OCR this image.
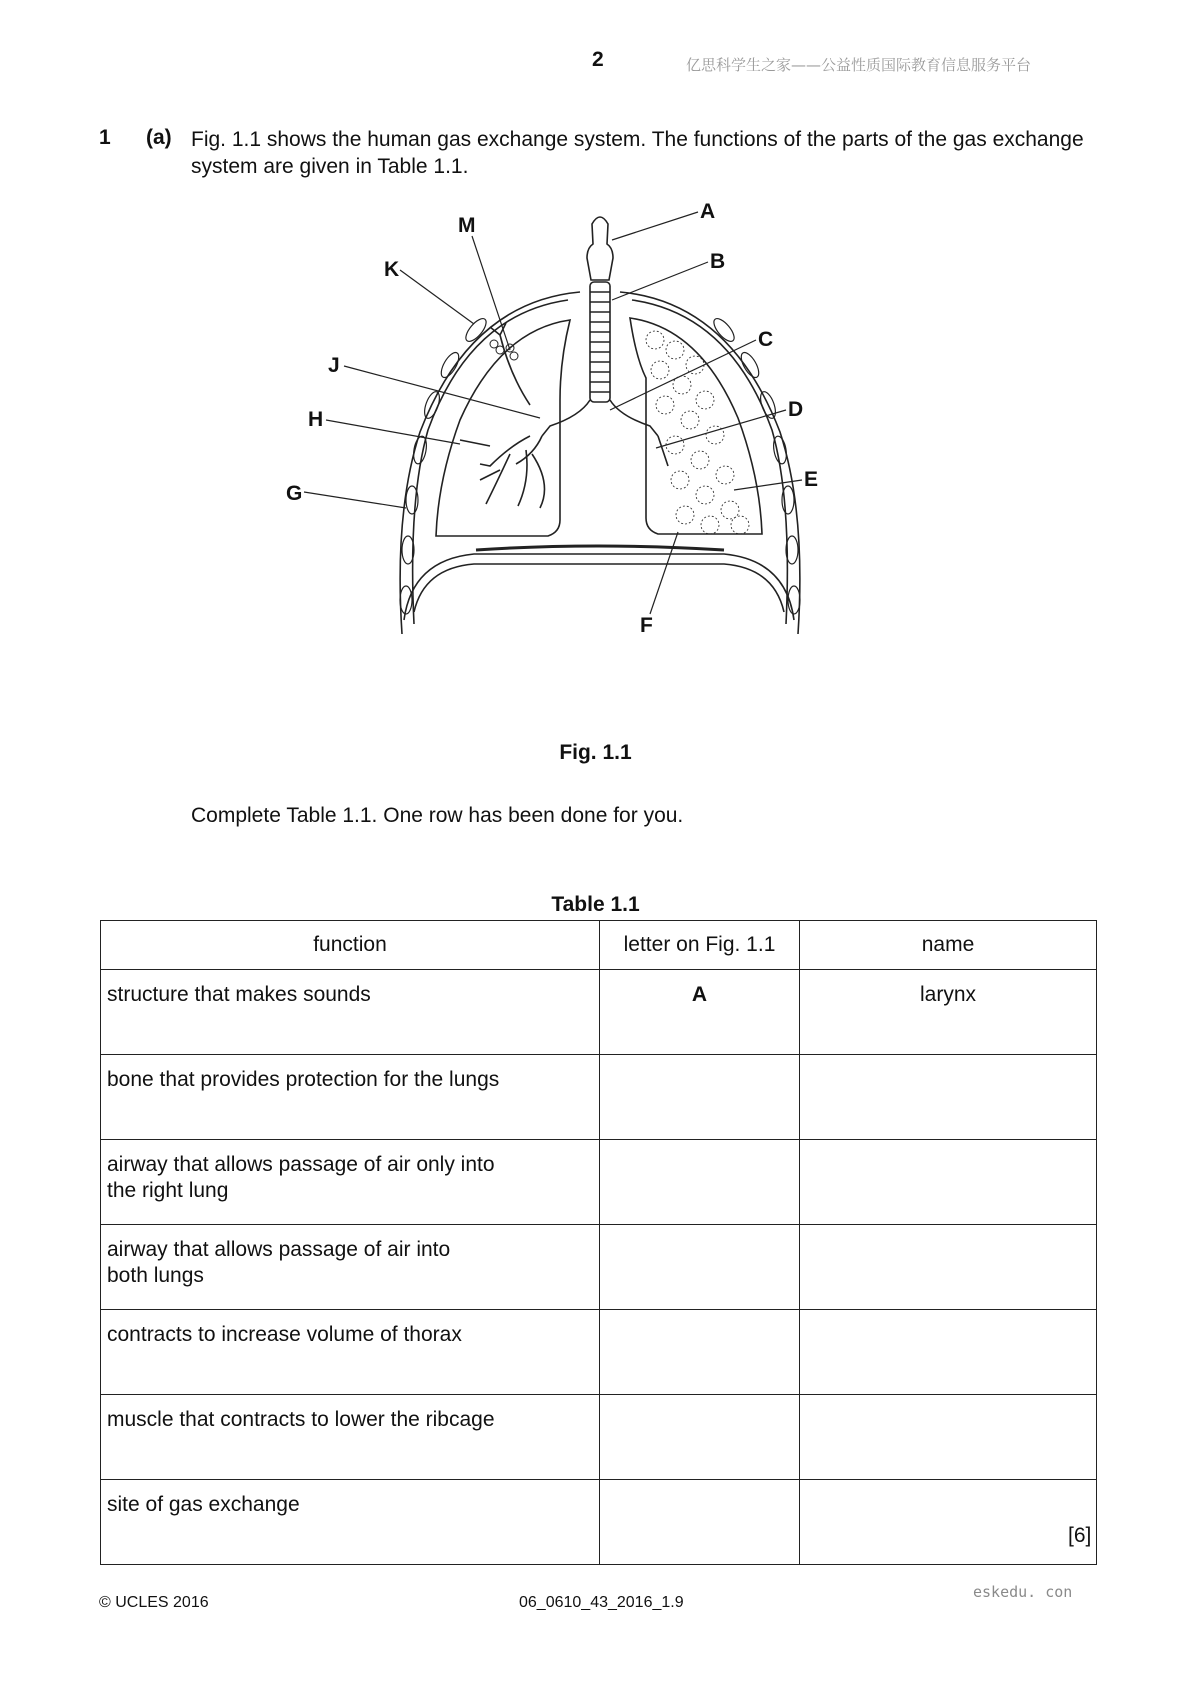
2	亿思科学生之家——公益性质国际教育信息服务平台
1 (a) Fig. 1.1 shows the human gas exchange system. The functions of the parts of the gas exchange system are given in Table 1.1.
A
B
C
D
E
F
G
H
J
K
M
Fig. 1.1
Complete Table 1.1. One row has been done for you.
Table 1.1
function	letter on Fig. 1.1	name
structure that makes sounds	A	larynx
bone that provides protection for the lungs		
airway that allows passage of air only into the right lung		
airway that allows passage of air into both lungs		
contracts to increase volume of thorax		
muscle that contracts to lower the ribcage		
site of gas exchange		
[6]
© UCLES 2016	06_0610_43_2016_1.9
eskedu. con
